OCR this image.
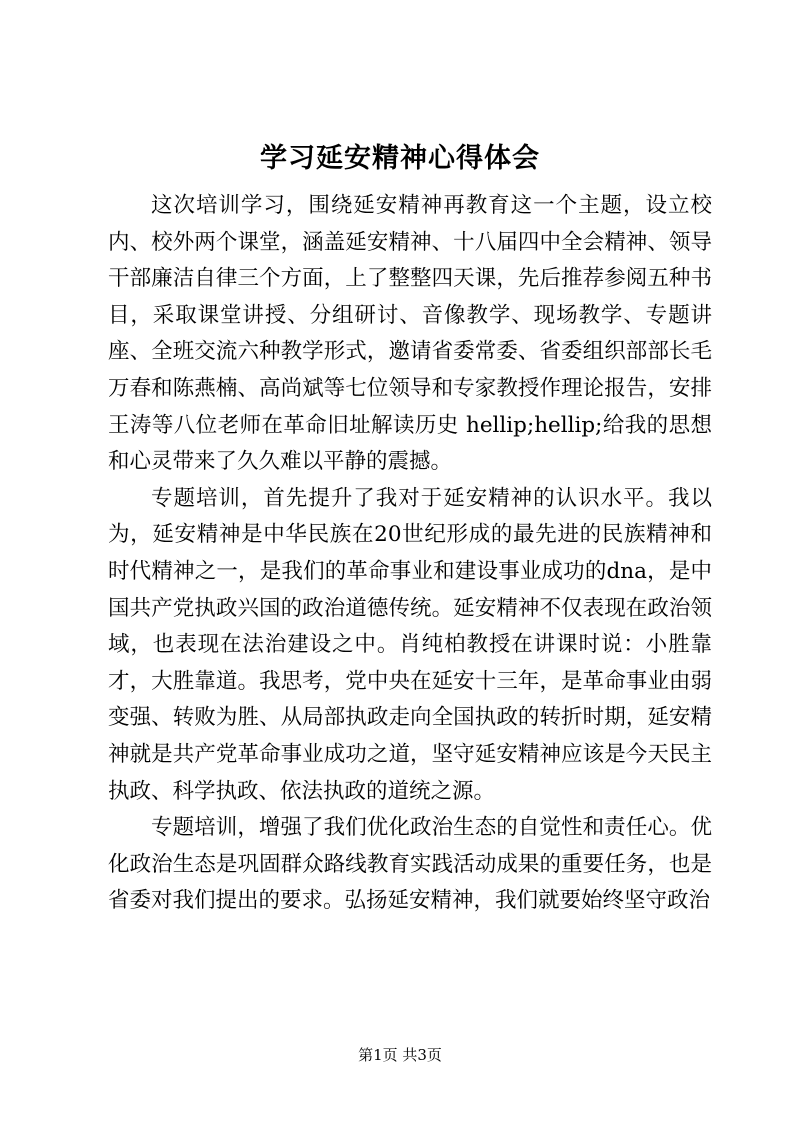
学习延安精神心得体会

这次培训学习，围绕延安精神再教育这一个主题，设立校内、校外两个课堂，涵盖延安精神、十八届四中全会精神、领导干部廉洁自律三个方面，上了整整四天课，先后推荐参阅五种书目，采取课堂讲授、分组研讨、音像教学、现场教学、专题讲座、全班交流六种教学形式，邀请省委常委、省委组织部部长毛万春和陈燕楠、高尚斌等七位领导和专家教授作理论报告，安排王涛等八位老师在革命旧址解读历史 hellip;hellip;给我的思想和心灵带来了久久难以平静的震撼。

专题培训，首先提升了我对于延安精神的认识水平。我以为，延安精神是中华民族在20世纪形成的最先进的民族精神和时代精神之一，是我们的革命事业和建设事业成功的dna，是中国共产党执政兴国的政治道德传统。延安精神不仅表现在政治领域，也表现在法治建设之中。肖纯柏教授在讲课时说：小胜靠才，大胜靠道。我思考，党中央在延安十三年，是革命事业由弱变强、转败为胜、从局部执政走向全国执政的转折时期，延安精神就是共产党革命事业成功之道，坚守延安精神应该是今天民主执政、科学执政、依法执政的道统之源。

专题培训，增强了我们优化政治生态的自觉性和责任心。优化政治生态是巩固群众路线教育实践活动成果的重要任务，也是省委对我们提出的要求。弘扬延安精神，我们就要始终坚守政治

第1页 共3页
